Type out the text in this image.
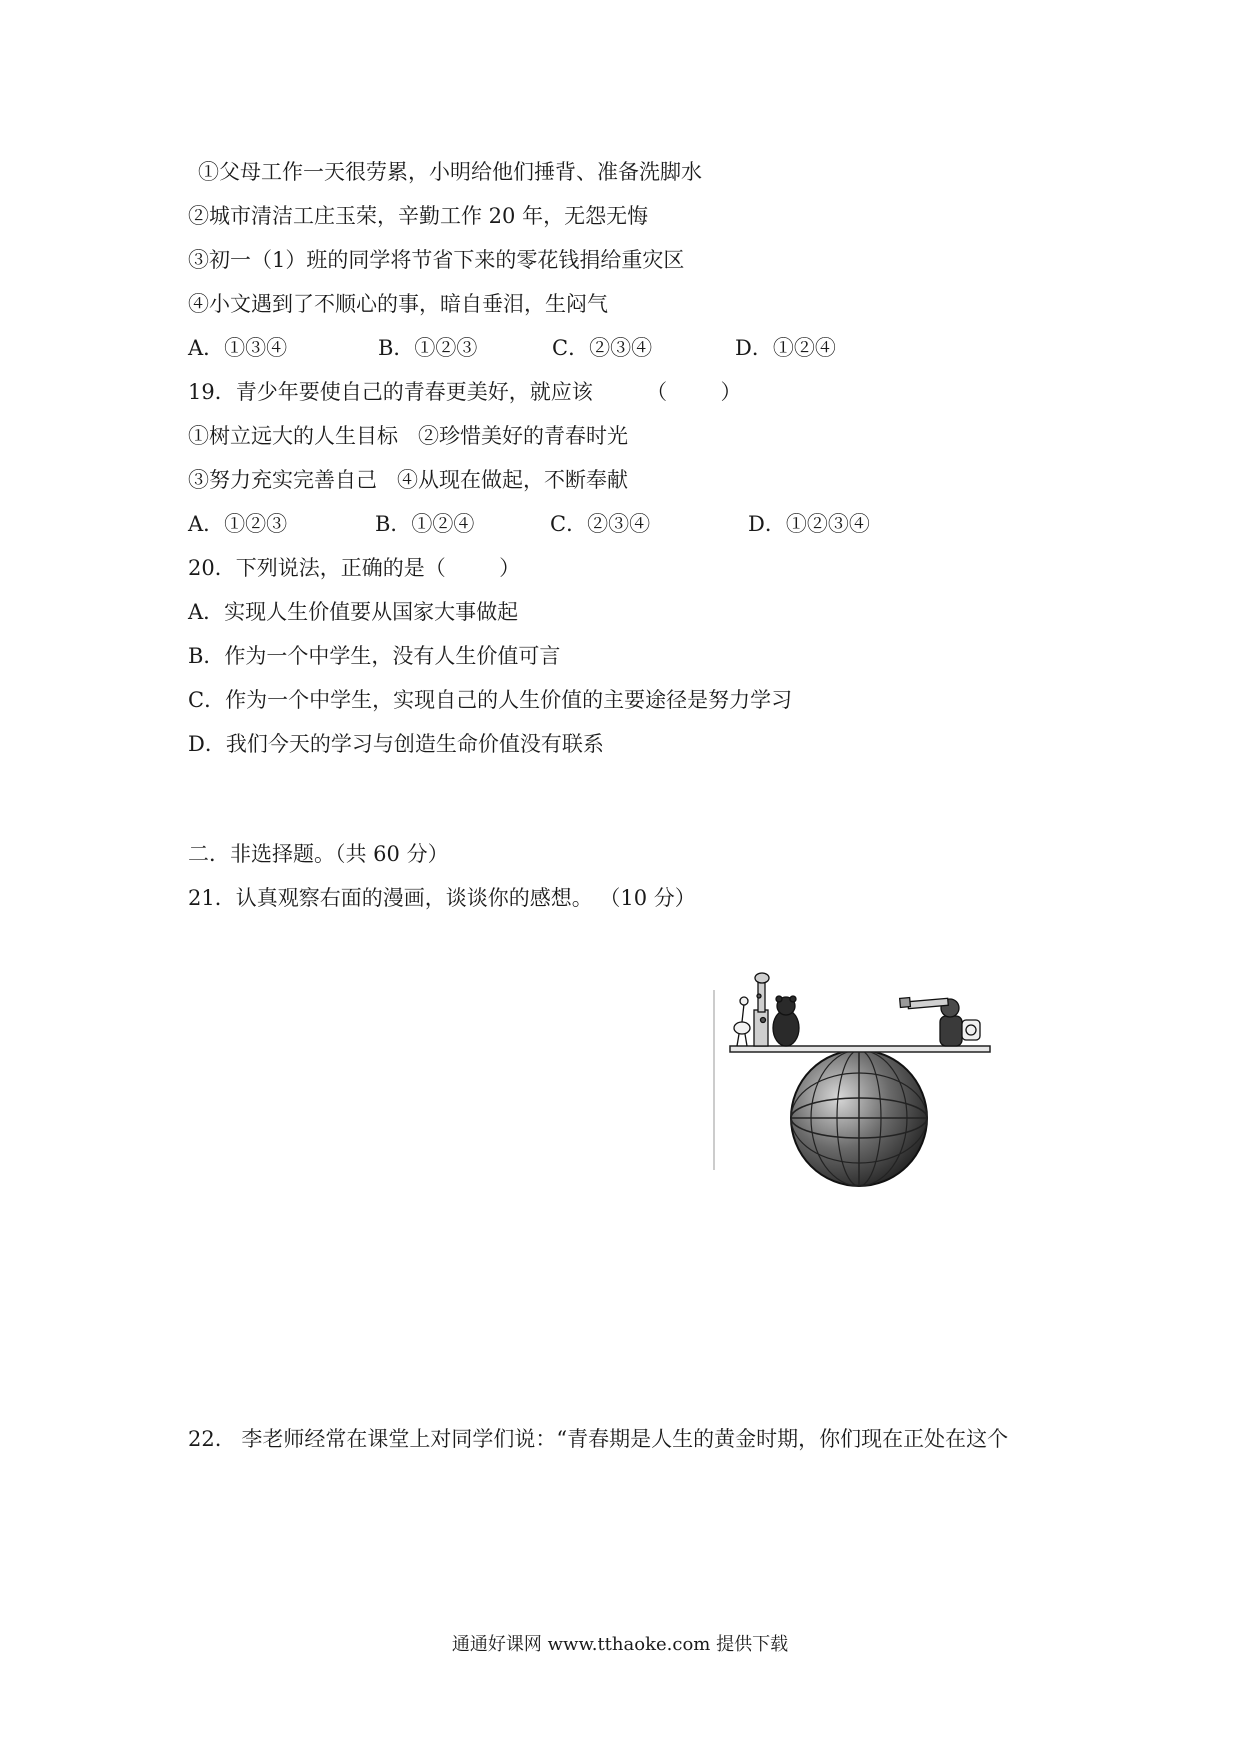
①父母工作一天很劳累，小明给他们捶背、准备洗脚水
②城市清洁工庄玉荣，辛勤工作 20 年，无怨无悔
③初一（1）班的同学将节省下来的零花钱捐给重灾区
④小文遇到了不顺心的事，暗自垂泪，生闷气
A．①③④	B．①②③	C．②③④	D．①②④
19．青少年要使自己的青春更美好，就应该        （        ）
①树立远大的人生目标   ②珍惜美好的青春时光
③努力充实完善自己   ④从现在做起，不断奉献
A．①②③	B．①②④	C．②③④	D．①②③④
20．下列说法，正确的是（        ）
A．实现人生价值要从国家大事做起
B．作为一个中学生，没有人生价值可言
C．作为一个中学生，实现自己的人生价值的主要途径是努力学习
D．我们今天的学习与创造生命价值没有联系
二．非选择题。（共 60 分）
21．认真观察右面的漫画，谈谈你的感想。 （10 分）
22.   李老师经常在课堂上对同学们说：“青春期是人生的黄金时期，你们现在正处在这个
通通好课网 www.tthaoke.com 提供下载
